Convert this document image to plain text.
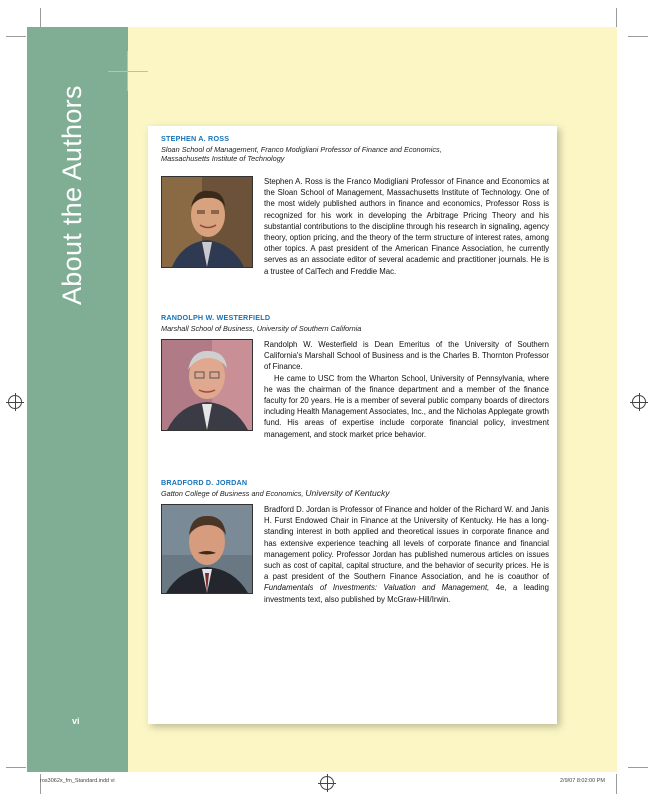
About the Authors
vi

STEPHEN A. ROSS

Sloan School of Management, Franco Modigliani Professor of Finance and Economics,
Massachusetts Institute of Technology

Stephen A. Ross is the Franco Modigliani Professor of Finance and Economics at the Sloan School of Management, Massachusetts Institute of Technology. One of the most widely published authors in finance and economics, Professor Ross is recognized for his work in developing the Arbitrage Pricing Theory and his substantial contributions to the discipline through his research in signaling, agency theory, option pricing, and the theory of the term structure of interest rates, among other topics. A past president of the American Finance Association, he currently serves as an associate editor of several academic and practitioner journals. He is a trustee of CalTech and Freddie Mac.

RANDOLPH W. WESTERFIELD

Marshall School of Business, University of Southern California

Randolph W. Westerfield is Dean Emeritus of the University of Southern California's Marshall School of Business and is the Charles B. Thornton Professor of Finance.

He came to USC from the Wharton School, University of Pennsylvania, where he was the chairman of the finance department and a member of the finance faculty for 20 years. He is a member of several public company boards of directors including Health Management Associates, Inc., and the Nicholas Applegate growth fund. His areas of expertise include corporate financial policy, investment management, and stock market price behavior.

BRADFORD D. JORDAN

Gatton College of Business and Economics, University of Kentucky

Bradford D. Jordan is Professor of Finance and holder of the Richard W. and Janis H. Furst Endowed Chair in Finance at the University of Kentucky. He has a long-standing interest in both applied and theoretical issues in corporate finance and has extensive experience teaching all levels of corporate finance and financial management policy. Professor Jordan has published numerous articles on issues such as cost of capital, capital structure, and the behavior of security prices. He is a past president of the Southern Finance Association, and he is coauthor of Fundamentals of Investments: Valuation and Management, 4e, a leading investments text, also published by McGraw-Hill/Irwin.

ros3062x_fm_Standard.indd vi	2/9/07 8:02:00 PM
